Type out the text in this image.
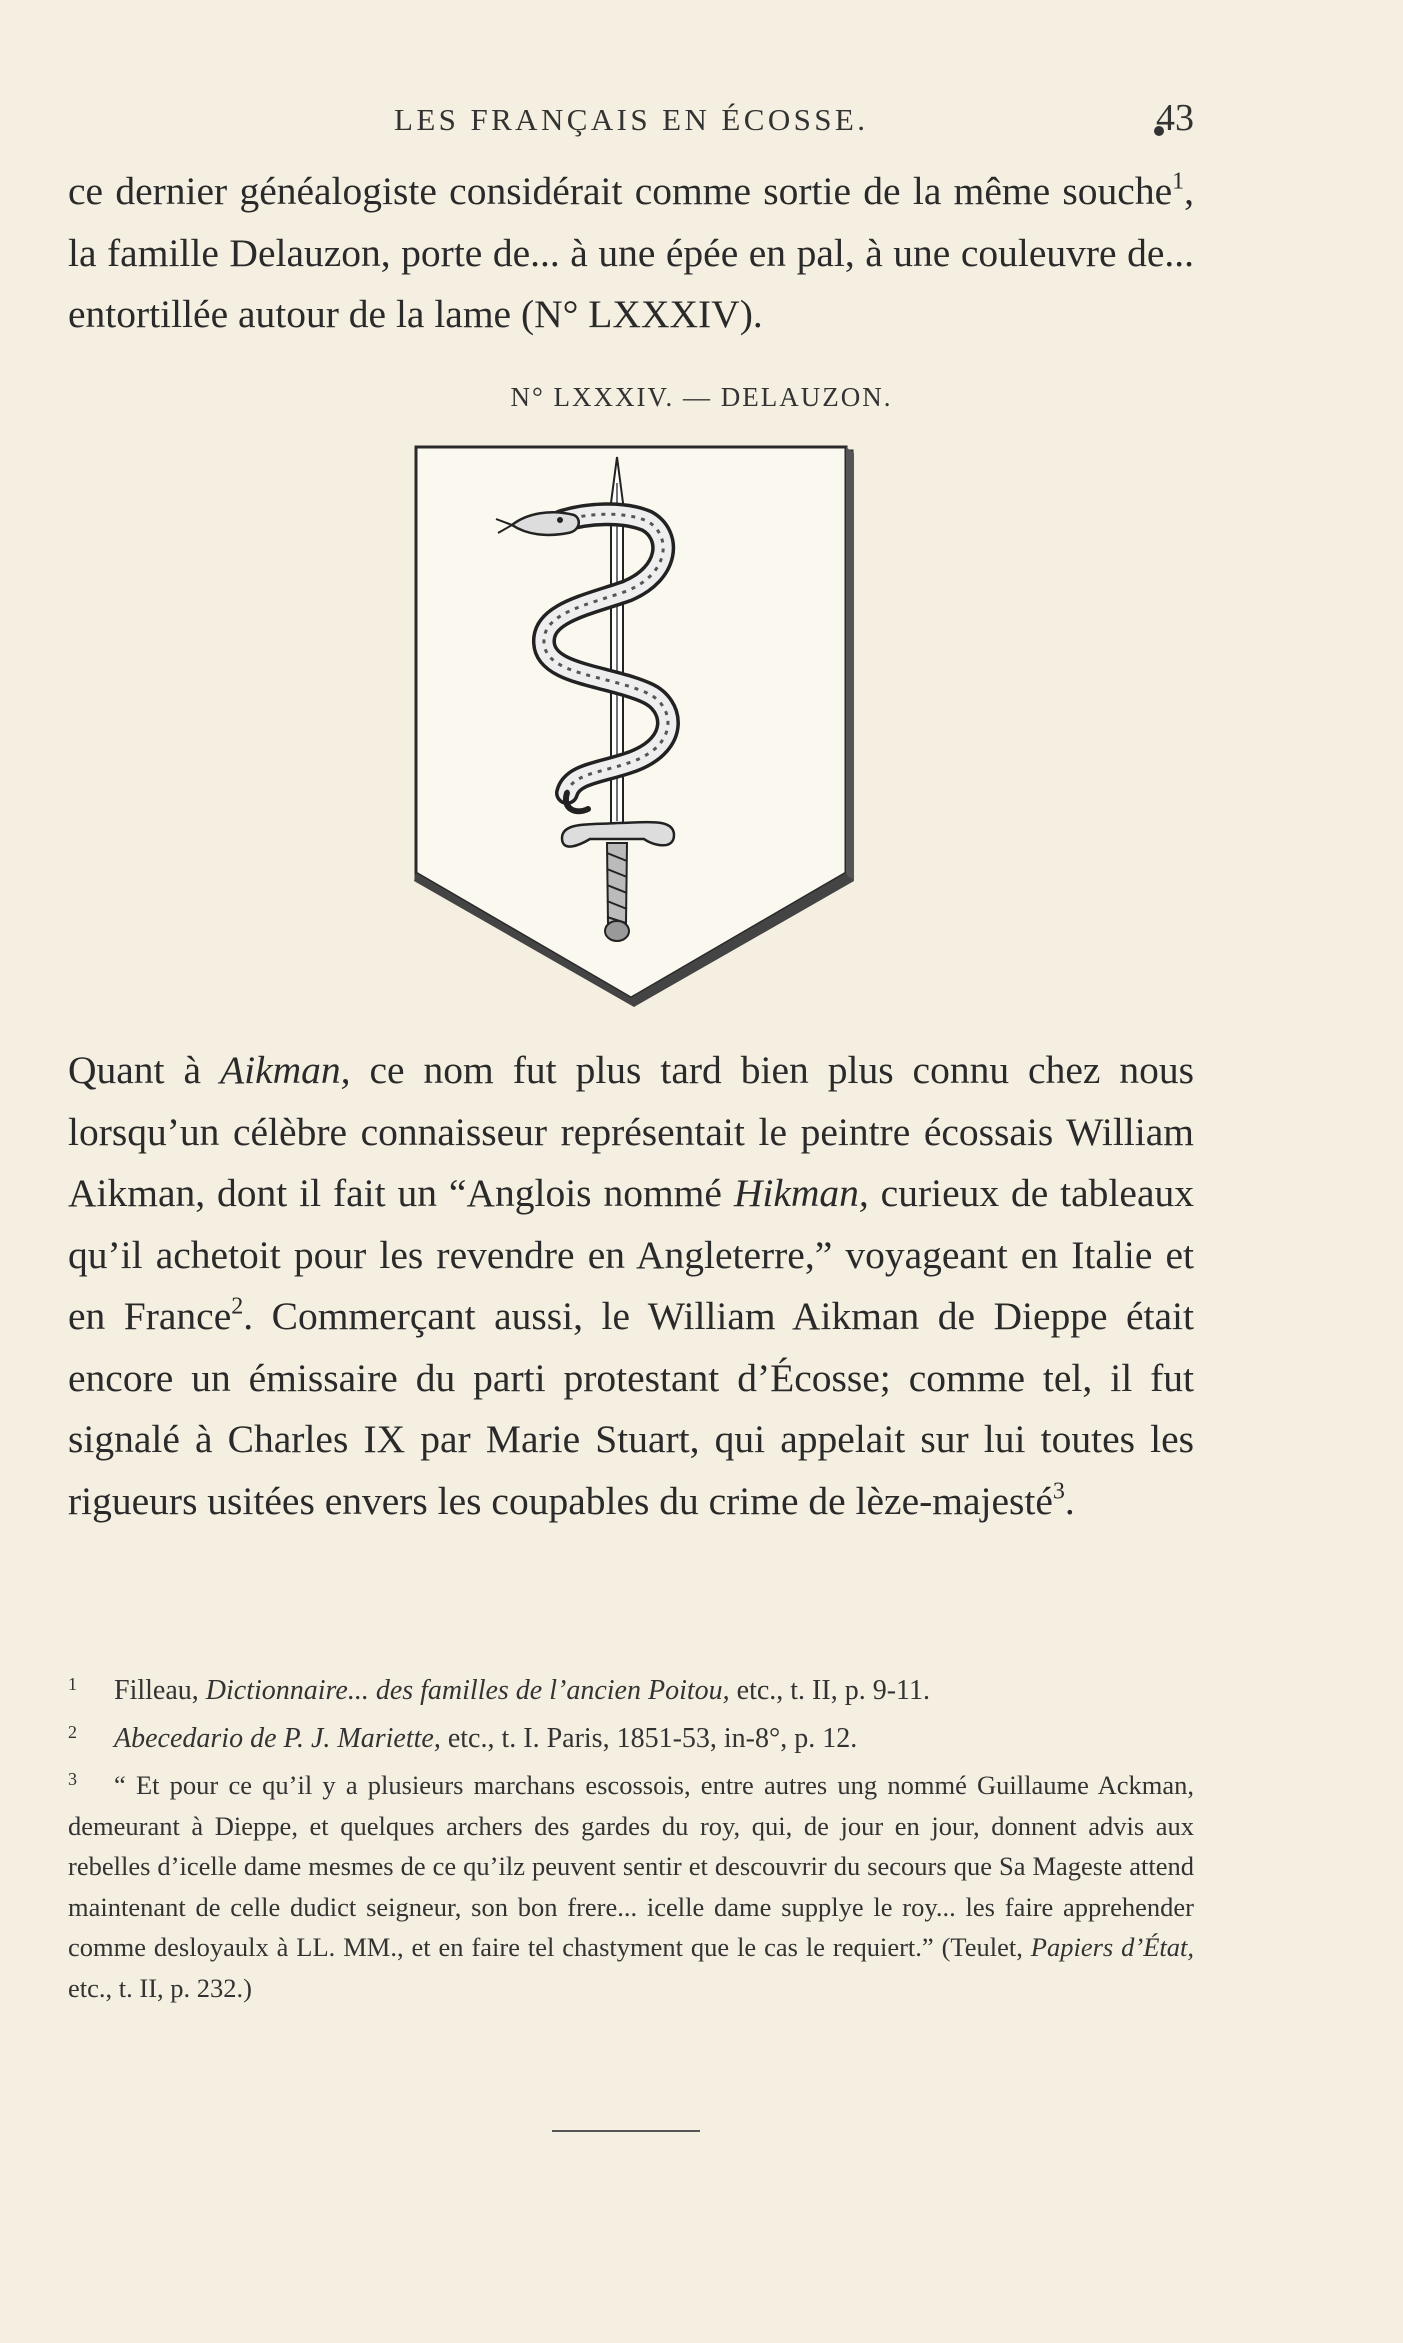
LES FRANÇAIS EN ÉCOSSE.	43

ce dernier généalogiste considérait comme sortie de la même souche$^1$, la famille Delauzon, porte de... à une épée en pal, à une couleuvre de... entortillée autour de la lame (N° LXXXIV).

N° LXXXIV. — DELAUZON.

Quant à Aikman, ce nom fut plus tard bien plus connu chez nous lorsqu’un célèbre connaisseur représentait le peintre écossais William Aikman, dont il fait un “Anglois nommé Hikman, curieux de tableaux qu’il achetoit pour les revendre en Angleterre,” voyageant en Italie et en France$^2$. Commerçant aussi, le William Aikman de Dieppe était encore un émissaire du parti protestant d’Écosse; comme tel, il fut signalé à Charles IX par Marie Stuart, qui appelait sur lui toutes les rigueurs usitées envers les coupables du crime de lèze-majesté$^3$.

1 Filleau, Dictionnaire... des familles de l’ancien Poitou, etc., t. II, p. 9-11.

2 Abecedario de P. J. Mariette, etc., t. I. Paris, 1851-53, in-8°, p. 12.

3 “ Et pour ce qu’il y a plusieurs marchans escossois, entre autres ung nommé Guillaume Ackman, demeurant à Dieppe, et quelques archers des gardes du roy, qui, de jour en jour, donnent advis aux rebelles d’icelle dame mesmes de ce qu’ilz peuvent sentir et descouvrir du secours que Sa Mageste attend maintenant de celle dudict seigneur, son bon frere... icelle dame supplye le roy... les faire apprehender comme desloyaulx à LL. MM., et en faire tel chastyment que le cas le requiert.” (Teulet, Papiers d’État, etc., t. II, p. 232.)
